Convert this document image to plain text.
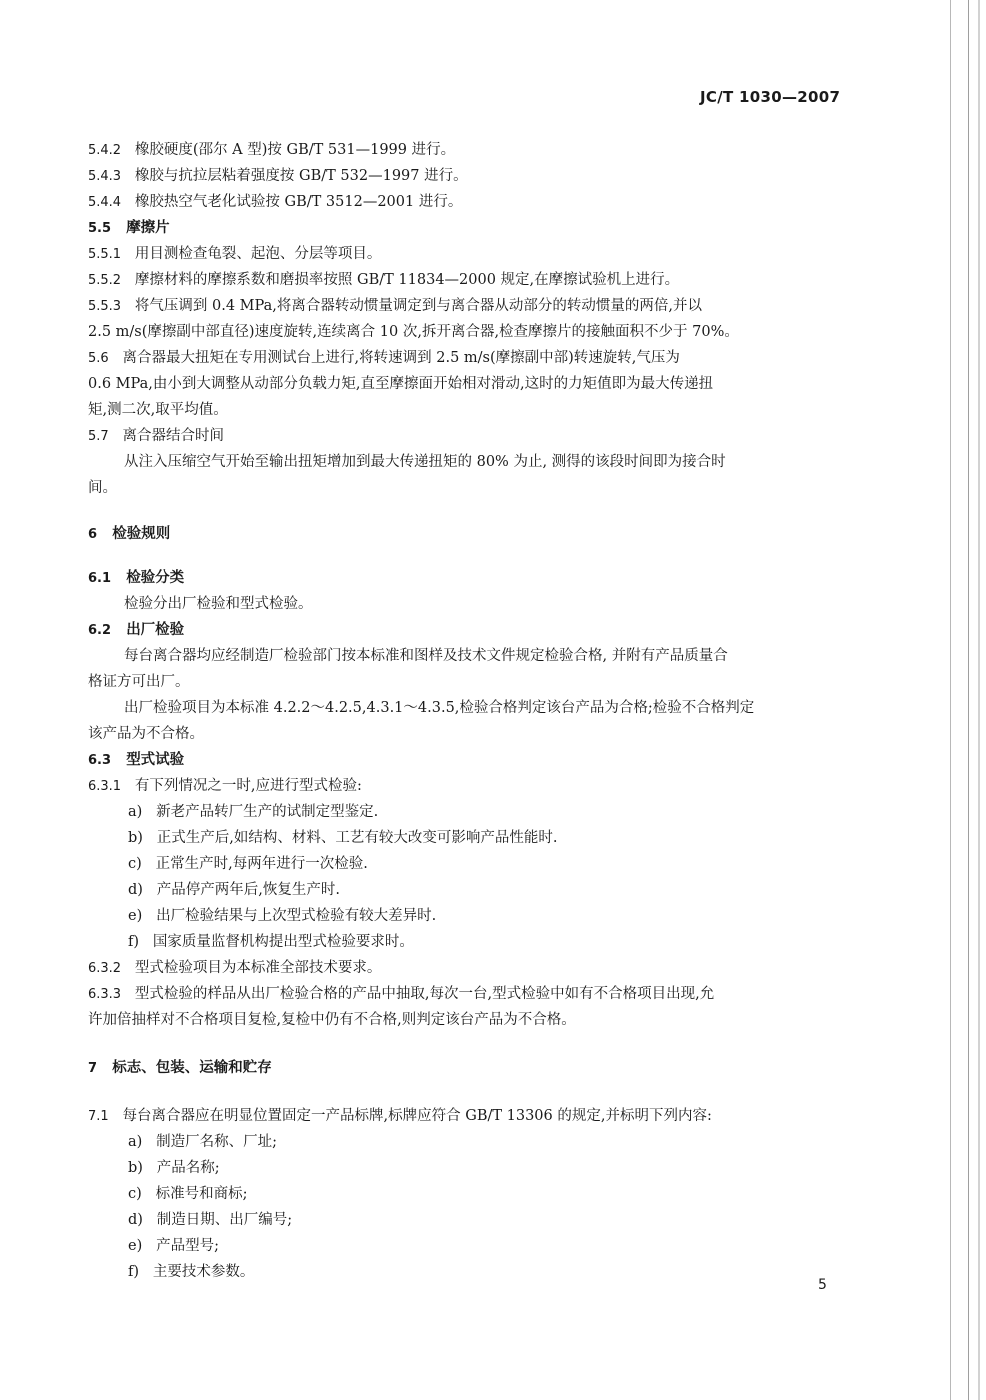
JC/T 1030—2007
5.4.2 橡胶硬度(邵尔 A 型)按 GB/T 531—1999 进行。
5.4.3 橡胶与抗拉层粘着强度按 GB/T 532—1997 进行。
5.4.4 橡胶热空气老化试验按 GB/T 3512—2001 进行。
5.5 摩擦片
5.5.1 用目测检查龟裂、起泡、分层等项目。
5.5.2 摩擦材料的摩擦系数和磨损率按照 GB/T 11834—2000 规定,在摩擦试验机上进行。
5.5.3 将气压调到 0.4 MPa,将离合器转动惯量调定到与离合器从动部分的转动惯量的两倍,并以
2.5 m/s(摩擦副中部直径)速度旋转,连续离合 10 次,拆开离合器,检查摩擦片的接触面积不少于 70%。
5.6 离合器最大扭矩在专用测试台上进行,将转速调到 2.5 m/s(摩擦副中部)转速旋转,气压为
0.6 MPa,由小到大调整从动部分负载力矩,直至摩擦面开始相对滑动,这时的力矩值即为最大传递扭
矩,测二次,取平均值。
5.7 离合器结合时间
从注入压缩空气开始至输出扭矩增加到最大传递扭矩的 80% 为止, 测得的该段时间即为接合时
间。
6 检验规则
6.1 检验分类
检验分出厂检验和型式检验。
6.2 出厂检验
每台离合器均应经制造厂检验部门按本标准和图样及技术文件规定检验合格, 并附有产品质量合
格证方可出厂。
出厂检验项目为本标准 4.2.2～4.2.5,4.3.1～4.3.5,检验合格判定该台产品为合格;检验不合格判定
该产品为不合格。
6.3 型式试验
6.3.1 有下列情况之一时,应进行型式检验:
a) 新老产品转厂生产的试制定型鉴定.
b) 正式生产后,如结构、材料、工艺有较大改变可影响产品性能时.
c) 正常生产时,每两年进行一次检验.
d) 产品停产两年后,恢复生产时.
e) 出厂检验结果与上次型式检验有较大差异时.
f) 国家质量监督机构提出型式检验要求时。
6.3.2 型式检验项目为本标准全部技术要求。
6.3.3 型式检验的样品从出厂检验合格的产品中抽取,每次一台,型式检验中如有不合格项目出现,允
许加倍抽样对不合格项目复检,复检中仍有不合格,则判定该台产品为不合格。
7 标志、包装、运输和贮存
7.1 每台离合器应在明显位置固定一产品标牌,标牌应符合 GB/T 13306 的规定,并标明下列内容:
a) 制造厂名称、厂址;
b) 产品名称;
c) 标准号和商标;
d) 制造日期、出厂编号;
e) 产品型号;
f) 主要技术参数。
5
